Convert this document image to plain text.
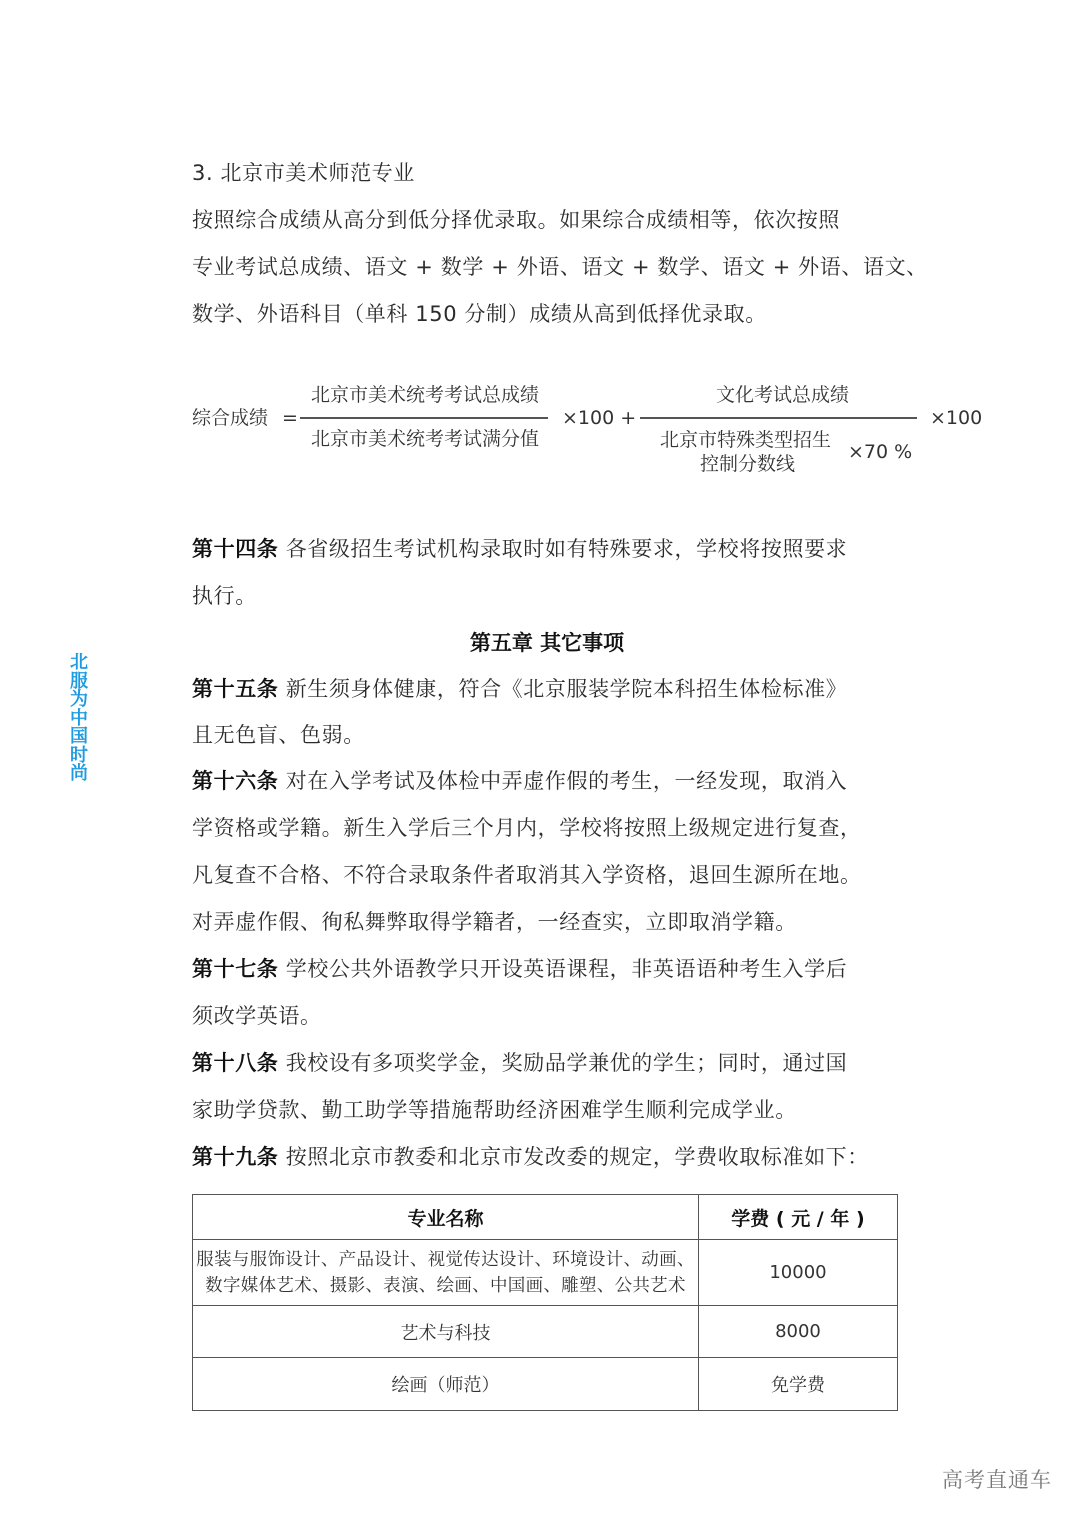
北服为中国时尚
3. 北京市美术师范专业
按照综合成绩从高分到低分择优录取。如果综合成绩相等，依次按照
专业考试总成绩、语文 + 数学 + 外语、语文 + 数学、语文 + 外语、语文、
数学、外语科目（单科 150 分制）成绩从高到低择优录取。
综合成绩 =
北京市美术统考考试总成绩
北京市美术统考考试满分值
×100 +
文化考试总成绩
北京市特殊类型招生
控制分数线
×70 %
×100
第十四条 各省级招生考试机构录取时如有特殊要求，学校将按照要求
执行。
第五章 其它事项
第十五条 新生须身体健康，符合《北京服装学院本科招生体检标准》
且无色盲、色弱。
第十六条 对在入学考试及体检中弄虚作假的考生，一经发现，取消入
学资格或学籍。新生入学后三个月内，学校将按照上级规定进行复查，
凡复查不合格、不符合录取条件者取消其入学资格，退回生源所在地。
对弄虚作假、徇私舞弊取得学籍者，一经查实，立即取消学籍。
第十七条 学校公共外语教学只开设英语课程，非英语语种考生入学后
须改学英语。
第十八条 我校设有多项奖学金，奖励品学兼优的学生；同时，通过国
家助学贷款、勤工助学等措施帮助经济困难学生顺利完成学业。
第十九条 按照北京市教委和北京市发改委的规定，学费收取标准如下：
专业名称	学费 ( 元 / 年 )

服装与服饰设计、产品设计、视觉传达设计、环境设计、动画、
数字媒体艺术、摄影、表演、绘画、中国画、雕塑、公共艺术	10000
艺术与科技	8000
绘画（师范）	免学费
高考直通车
